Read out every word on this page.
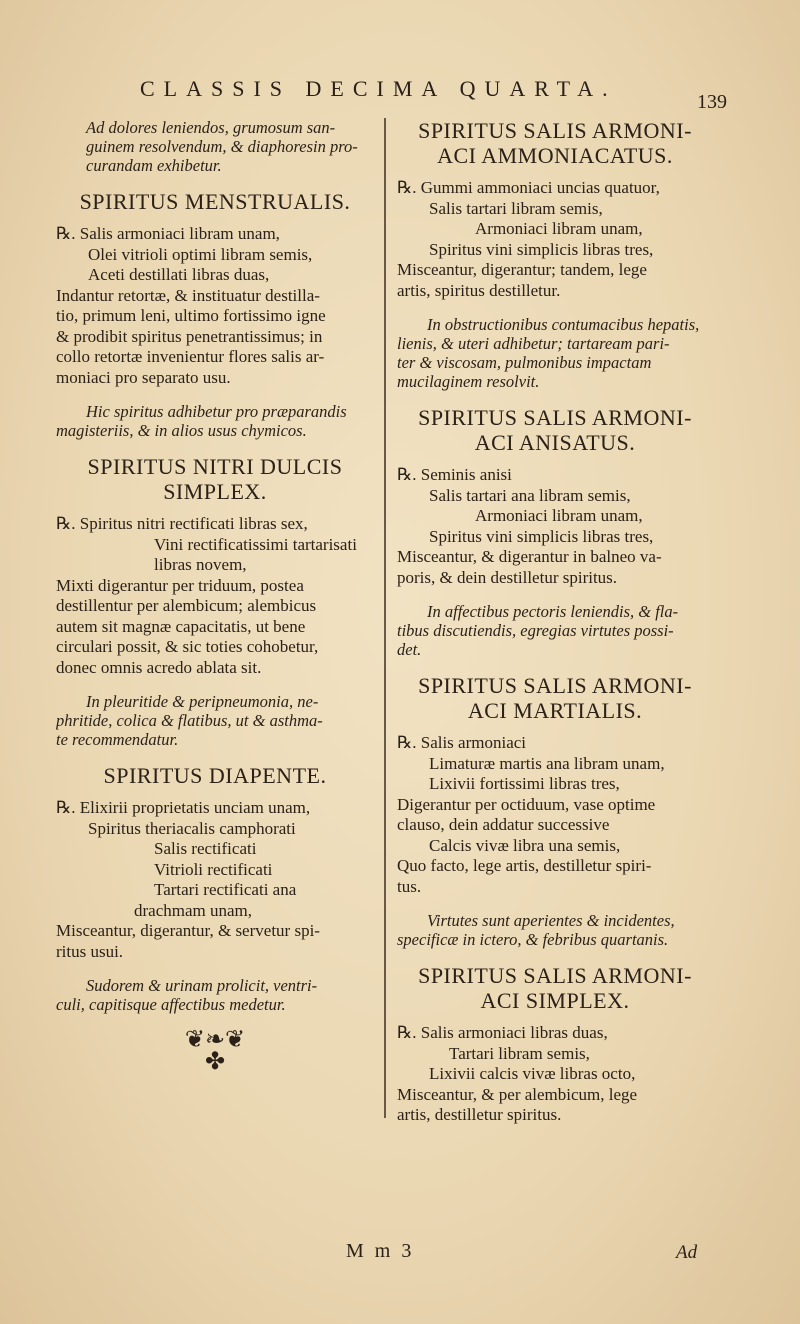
CLASSIS DECIMA QUARTA.
139
Ad dolores leniendos, grumosum san-
guinem resolvendum, & diaphoresin pro-
curandam exhibetur.
SPIRITUS MENSTRUALIS.
℞. Salis armoniaci libram unam,
Olei vitrioli optimi libram semis,
Aceti destillati libras duas,
Indantur retortæ, & instituatur destilla-
tio, primum leni, ultimo fortissimo igne
& prodibit spiritus penetrantissimus; in
collo retortæ invenientur flores salis ar-
moniaci pro separato usu.
Hic spiritus adhibetur pro præparandis
magisteriis, & in alios usus chymicos.
SPIRITUS NITRI DULCIS
SIMPLEX.
℞. Spiritus nitri rectificati libras sex,
Vini rectificatissimi tartarisati
libras novem,
Mixti digerantur per triduum, postea
destillentur per alembicum; alembicus
autem sit magnæ capacitatis, ut bene
circulari possit, & sic toties cohobetur,
donec omnis acredo ablata sit.
In pleuritide & peripneumonia, ne-
phritide, colica & flatibus, ut & asthma-
te recommendatur.
SPIRITUS DIAPENTE.
℞. Elixirii proprietatis unciam unam,
Spiritus theriacalis camphorati
Salis rectificati
Vitrioli rectificati
Tartari rectificati ana
drachmam unam,
Misceantur, digerantur, & servetur spi-
ritus usui.
Sudorem & urinam prolicit, ventri-
culi, capitisque affectibus medetur.
❦❧❦
✤
SPIRITUS SALIS ARMONI-
ACI AMMONIACATUS.
℞. Gummi ammoniaci uncias quatuor,
Salis tartari libram semis,
Armoniaci libram unam,
Spiritus vini simplicis libras tres,
Misceantur, digerantur; tandem, lege
artis, spiritus destilletur.
In obstructionibus contumacibus hepatis,
lienis, & uteri adhibetur; tartaream pari-
ter & viscosam, pulmonibus impactam
mucilaginem resolvit.
SPIRITUS SALIS ARMONI-
ACI ANISATUS.
℞. Seminis anisi
Salis tartari ana libram semis,
Armoniaci libram unam,
Spiritus vini simplicis libras tres,
Misceantur, & digerantur in balneo va-
poris, & dein destilletur spiritus.
In affectibus pectoris leniendis, & fla-
tibus discutiendis, egregias virtutes possi-
det.
SPIRITUS SALIS ARMONI-
ACI MARTIALIS.
℞. Salis armoniaci
Limaturæ martis ana libram unam,
Lixivii fortissimi libras tres,
Digerantur per octiduum, vase optime
clauso, dein addatur successive
Calcis vivæ libra una semis,
Quo facto, lege artis, destilletur spiri-
tus.
Virtutes sunt aperientes & incidentes,
specificæ in ictero, & febribus quartanis.
SPIRITUS SALIS ARMONI-
ACI SIMPLEX.
℞. Salis armoniaci libras duas,
Tartari libram semis,
Lixivii calcis vivæ libras octo,
Misceantur, & per alembicum, lege
artis, destilletur spiritus.
M m 3	Ad
